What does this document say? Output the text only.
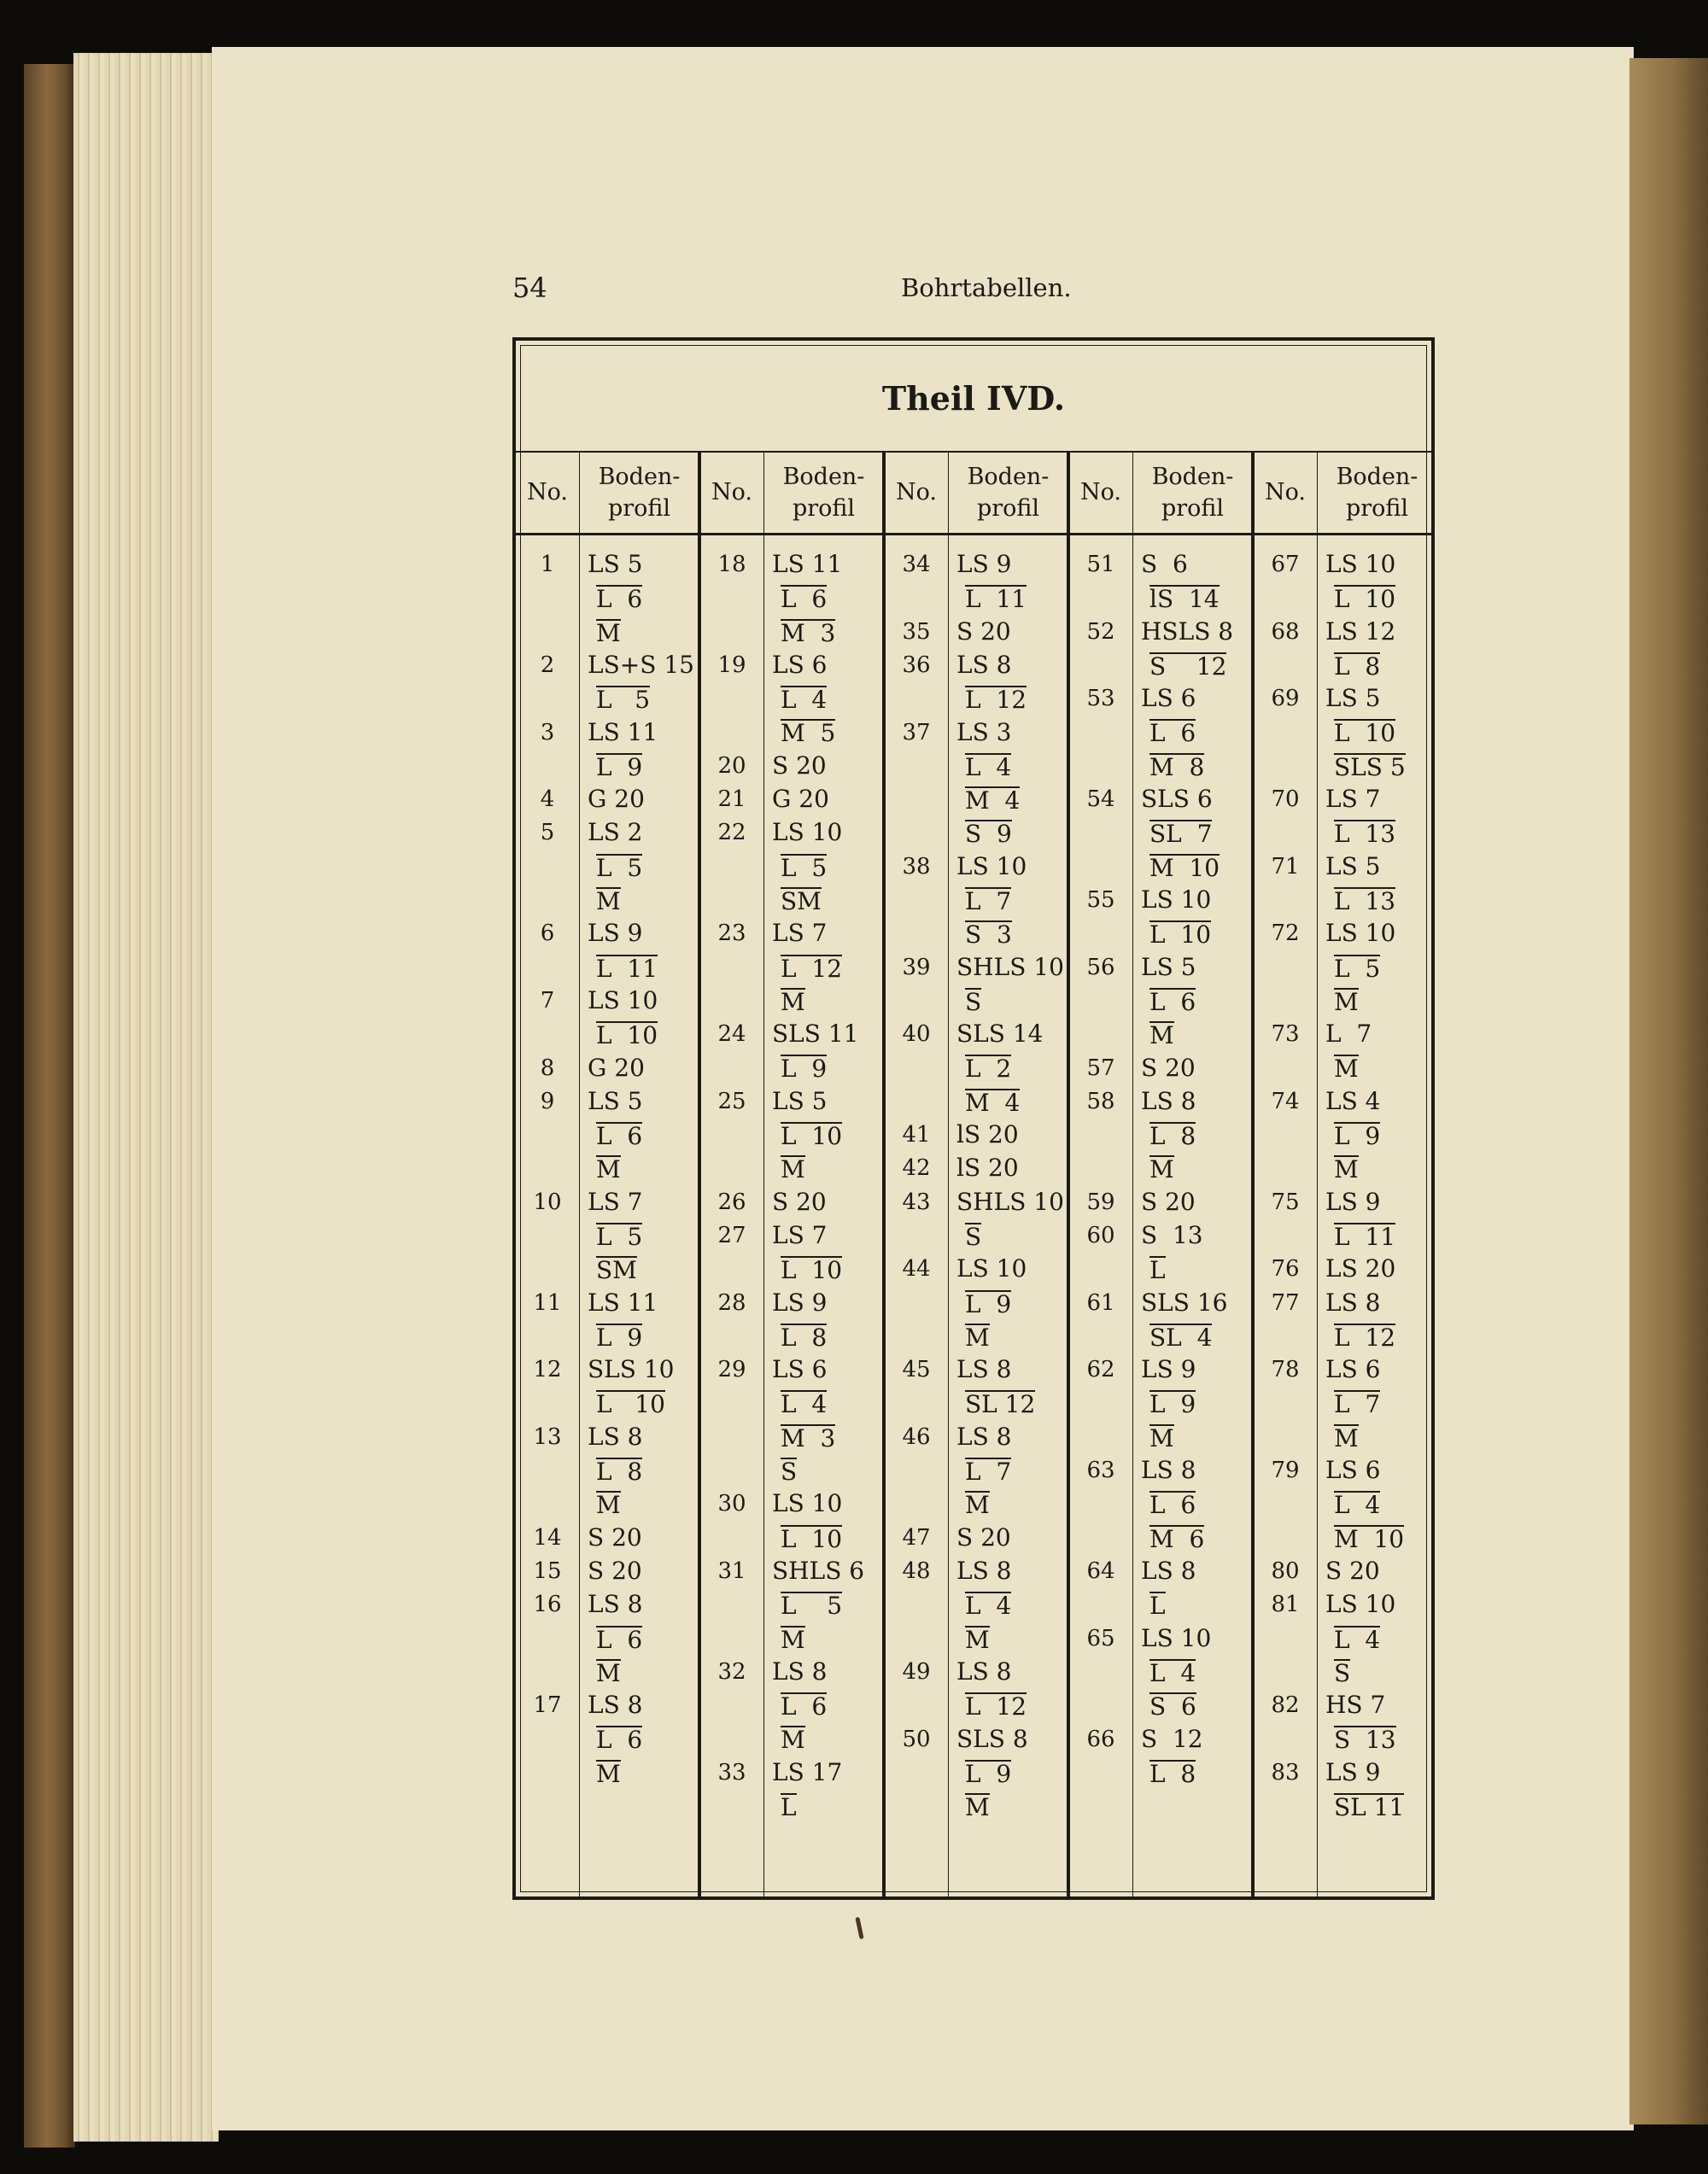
54	Bohrtabellen.
Theil IVD.
No.
Boden-
profil
No.
Boden-
profil
No.
Boden-
profil
No.
Boden-
profil
No.
Boden-
profil
1	LS 5
L  6
M
2	LS+S 15
L   5
3	LS 11
L  9
4	G 20
5	LS 2
L  5
M
6	LS 9
L  11
7	LS 10
L  10
8	G 20
9	LS 5
L  6
M
10	LS 7
L  5
SM
11	LS 11
L  9
12	SLS 10
L   10
13	LS 8
L  8
M
14	S 20
15	S 20
16	LS 8
L  6
M
17	LS 8
L  6
M
18	LS 11
L  6
M  3
19	LS 6
L  4
M  5
20	S 20
21	G 20
22	LS 10
L  5
SM
23	LS 7
L  12
M
24	SLS 11
L  9
25	LS 5
L  10
M
26	S 20
27	LS 7
L  10
28	LS 9
L  8
29	LS 6
L  4
M  3
S
30	LS 10
L  10
31	SHLS 6
L    5
M
32	LS 8
L  6
M
33	LS 17
L
34	LS 9
L  11
35	S 20
36	LS 8
L  12
37	LS 3
L  4
M  4
S  9
38	LS 10
L  7
S  3
39	SHLS 10
S
40	SLS 14
L  2
M  4
41	lS 20
42	lS 20
43	SHLS 10
S
44	LS 10
L  9
M
45	LS 8
SL 12
46	LS 8
L  7
M
47	S 20
48	LS 8
L  4
M
49	LS 8
L  12
50	SLS 8
L  9
M
51	S  6
lS  14
52	HSLS 8
S    12
53	LS 6
L  6
M  8
54	SLS 6
SL  7
M  10
55	LS 10
L  10
56	LS 5
L  6
M
57	S 20
58	LS 8
L  8
M
59	S 20
60	S  13
L
61	SLS 16
SL  4
62	LS 9
L  9
M
63	LS 8
L  6
M  6
64	LS 8
L
65	LS 10
L  4
S  6
66	S  12
L  8
67	LS 10
L  10
68	LS 12
L  8
69	LS 5
L  10
SLS 5
70	LS 7
L  13
71	LS 5
L  13
72	LS 10
L  5
M
73	L  7
M
74	LS 4
L  9
M
75	LS 9
L  11
76	LS 20
77	LS 8
L  12
78	LS 6
L  7
M
79	LS 6
L  4
M  10
80	S 20
81	LS 10
L  4
S
82	HS 7
S  13
83	LS 9
SL 11
